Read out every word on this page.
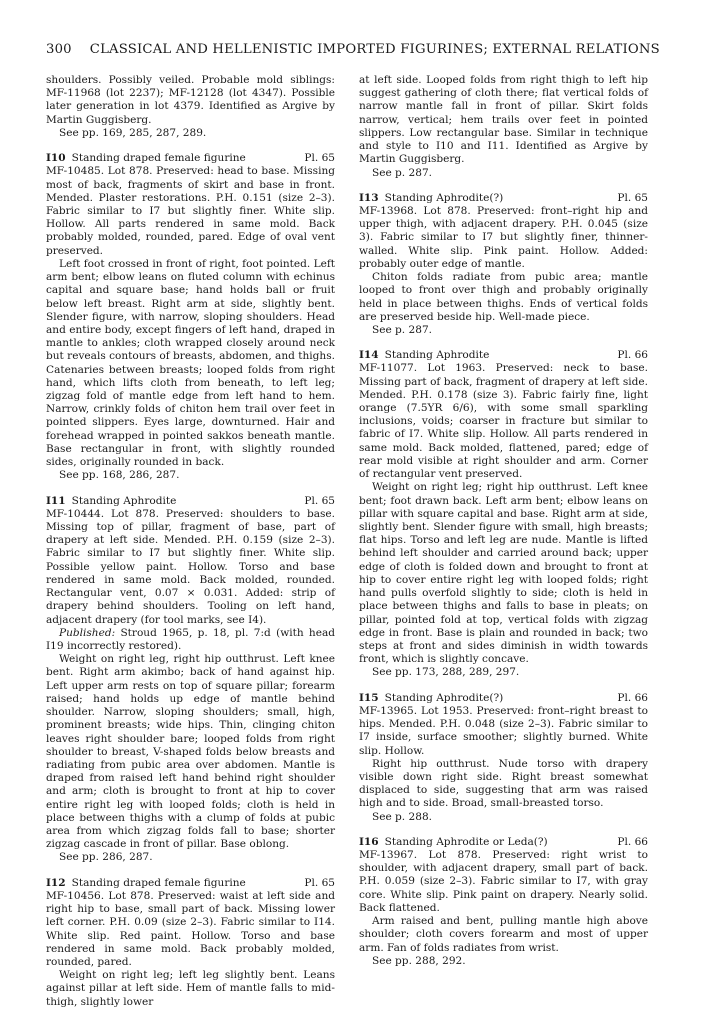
300 CLASSICAL AND HELLENISTIC IMPORTED FIGURINES; EXTERNAL RELATIONS

shoulders. Possibly veiled. Probable mold siblings: MF-11968 (lot 2237); MF-12128 (lot 4347). Possible later generation in lot 4379. Identified as Argive by Martin Guggisberg.

See pp. 169, 285, 287, 289.

I10 Standing draped female figurine	Pl. 65

MF-10485. Lot 878. Preserved: head to base. Missing most of back, fragments of skirt and base in front. Mended. Plaster restorations. P.H. 0.151 (size 2–3). Fabric similar to I7 but slightly finer. White slip. Hollow. All parts rendered in same mold. Back probably molded, rounded, pared. Edge of oval vent preserved.

Left foot crossed in front of right, foot pointed. Left arm bent; elbow leans on fluted column with echinus capital and square base; hand holds ball or fruit below left breast. Right arm at side, slightly bent. Slender figure, with narrow, sloping shoulders. Head and entire body, except fingers of left hand, draped in mantle to ankles; cloth wrapped closely around neck but reveals contours of breasts, abdomen, and thighs. Catenaries between breasts; looped folds from right hand, which lifts cloth from beneath, to left leg; zigzag fold of mantle edge from left hand to hem. Narrow, crinkly folds of chiton hem trail over feet in pointed slippers. Eyes large, downturned. Hair and forehead wrapped in pointed sakkos beneath mantle. Base rectangular in front, with slightly rounded sides, originally rounded in back.

See pp. 168, 286, 287.

I11 Standing Aphrodite	Pl. 65

MF-10444. Lot 878. Preserved: shoulders to base. Missing top of pillar, fragment of base, part of drapery at left side. Mended. P.H. 0.159 (size 2–3). Fabric similar to I7 but slightly finer. White slip. Possible yellow paint. Hollow. Torso and base rendered in same mold. Back molded, rounded. Rectangular vent, 0.07 × 0.031. Added: strip of drapery behind shoulders. Tooling on left hand, adjacent drapery (for tool marks, see I4).

Published: Stroud 1965, p. 18, pl. 7:d (with head I19 incorrectly restored).

Weight on right leg, right hip outthrust. Left knee bent. Right arm akimbo; back of hand against hip. Left upper arm rests on top of square pillar; forearm raised; hand holds up edge of mantle behind shoulder. Narrow, sloping shoulders; small, high, prominent breasts; wide hips. Thin, clinging chiton leaves right shoulder bare; looped folds from right shoulder to breast, V-shaped folds below breasts and radiating from pubic area over abdomen. Mantle is draped from raised left hand behind right shoulder and arm; cloth is brought to front at hip to cover entire right leg with looped folds; cloth is held in place between thighs with a clump of folds at pubic area from which zigzag folds fall to base; shorter zigzag cascade in front of pillar. Base oblong.

See pp. 286, 287.

I12 Standing draped female figurine	Pl. 65

MF-10456. Lot 878. Preserved: waist at left side and right hip to base, small part of back. Missing lower left corner. P.H. 0.09 (size 2–3). Fabric similar to I14. White slip. Red paint. Hollow. Torso and base rendered in same mold. Back probably molded, rounded, pared.

Weight on right leg; left leg slightly bent. Leans against pillar at left side. Hem of mantle falls to mid-thigh, slightly lower

at left side. Looped folds from right thigh to left hip suggest gathering of cloth there; flat vertical folds of narrow mantle fall in front of pillar. Skirt folds narrow, vertical; hem trails over feet in pointed slippers. Low rectangular base. Similar in technique and style to I10 and I11. Identified as Argive by Martin Guggisberg.

See p. 287.

I13 Standing Aphrodite(?)	Pl. 65

MF-13968. Lot 878. Preserved: front–right hip and upper thigh, with adjacent drapery. P.H. 0.045 (size 3). Fabric similar to I7 but slightly finer, thinner-walled. White slip. Pink paint. Hollow. Added: probably outer edge of mantle.

Chiton folds radiate from pubic area; mantle looped to front over thigh and probably originally held in place between thighs. Ends of vertical folds are preserved beside hip. Well-made piece.

See p. 287.

I14 Standing Aphrodite	Pl. 66

MF-11077. Lot 1963. Preserved: neck to base. Missing part of back, fragment of drapery at left side. Mended. P.H. 0.178 (size 3). Fabric fairly fine, light orange (7.5YR 6/6), with some small sparkling inclusions, voids; coarser in fracture but similar to fabric of I7. White slip. Hollow. All parts rendered in same mold. Back molded, flattened, pared; edge of rear mold visible at right shoulder and arm. Corner of rectangular vent preserved.

Weight on right leg; right hip outthrust. Left knee bent; foot drawn back. Left arm bent; elbow leans on pillar with square capital and base. Right arm at side, slightly bent. Slender figure with small, high breasts; flat hips. Torso and left leg are nude. Mantle is lifted behind left shoulder and carried around back; upper edge of cloth is folded down and brought to front at hip to cover entire right leg with looped folds; right hand pulls overfold slightly to side; cloth is held in place between thighs and falls to base in pleats; on pillar, pointed fold at top, vertical folds with zigzag edge in front. Base is plain and rounded in back; two steps at front and sides diminish in width towards front, which is slightly concave.

See pp. 173, 288, 289, 297.

I15 Standing Aphrodite(?)	Pl. 66

MF-13965. Lot 1953. Preserved: front–right breast to hips. Mended. P.H. 0.048 (size 2–3). Fabric similar to I7 inside, surface smoother; slightly burned. White slip. Hollow.

Right hip outthrust. Nude torso with drapery visible down right side. Right breast somewhat displaced to side, suggesting that arm was raised high and to side. Broad, small-breasted torso.

See p. 288.

I16 Standing Aphrodite or Leda(?)	Pl. 66

MF-13967. Lot 878. Preserved: right wrist to shoulder, with adjacent drapery, small part of back. P.H. 0.059 (size 2–3). Fabric similar to I7, with gray core. White slip. Pink paint on drapery. Nearly solid. Back flattened.

Arm raised and bent, pulling mantle high above shoulder; cloth covers forearm and most of upper arm. Fan of folds radiates from wrist.

See pp. 288, 292.
